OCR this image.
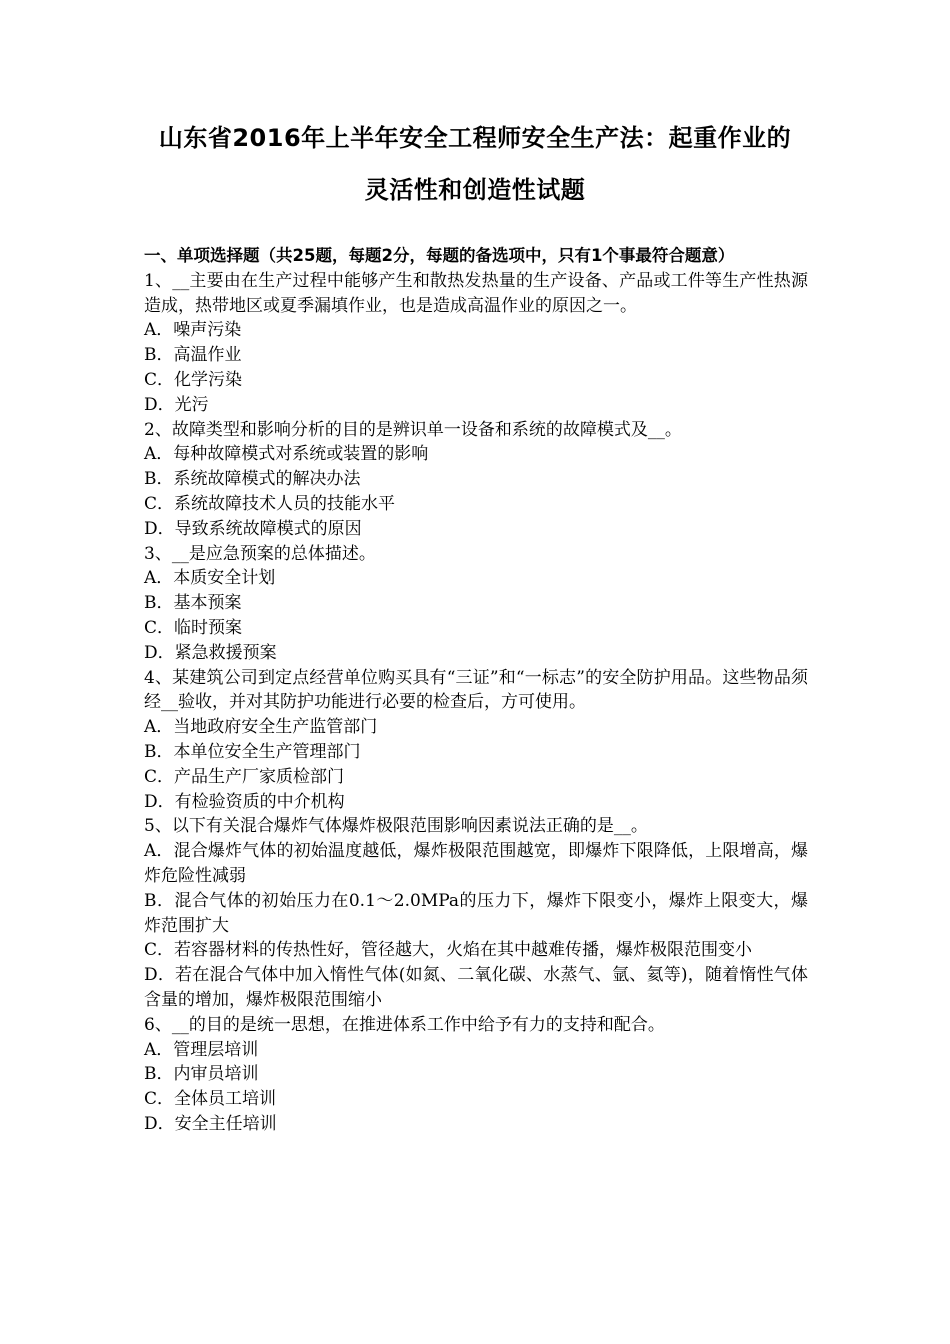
山东省2016年上半年安全工程师安全生产法：起重作业的
灵活性和创造性试题

一、单项选择题（共25题，每题2分，每题的备选项中，只有1个事最符合题意）

1、__主要由在生产过程中能够产生和散热发热量的生产设备、产品或工件等生产性热源造成，热带地区或夏季漏填作业，也是造成高温作业的原因之一。

A．噪声污染

B．高温作业

C．化学污染

D．光污

2、故障类型和影响分析的目的是辨识单一设备和系统的故障模式及__。

A．每种故障模式对系统或装置的影响

B．系统故障模式的解决办法

C．系统故障技术人员的技能水平

D．导致系统故障模式的原因

3、__是应急预案的总体描述。

A．本质安全计划

B．基本预案

C．临时预案

D．紧急救援预案

4、某建筑公司到定点经营单位购买具有“三证”和“一标志”的安全防护用品。这些物品须经__验收，并对其防护功能进行必要的检查后，方可使用。

A．当地政府安全生产监管部门

B．本单位安全生产管理部门

C．产品生产厂家质检部门

D．有检验资质的中介机构

5、以下有关混合爆炸气体爆炸极限范围影响因素说法正确的是__。

A．混合爆炸气体的初始温度越低，爆炸极限范围越宽，即爆炸下限降低，上限增高，爆炸危险性减弱

B．混合气体的初始压力在0.1～2.0MPa的压力下，爆炸下限变小，爆炸上限变大，爆炸范围扩大

C．若容器材料的传热性好，管径越大，火焰在其中越难传播，爆炸极限范围变小

D．若在混合气体中加入惰性气体(如氮、二氧化碳、水蒸气、氩、氦等)，随着惰性气体含量的增加，爆炸极限范围缩小

6、__的目的是统一思想，在推进体系工作中给予有力的支持和配合。

A．管理层培训

B．内审员培训

C．全体员工培训

D．安全主任培训
